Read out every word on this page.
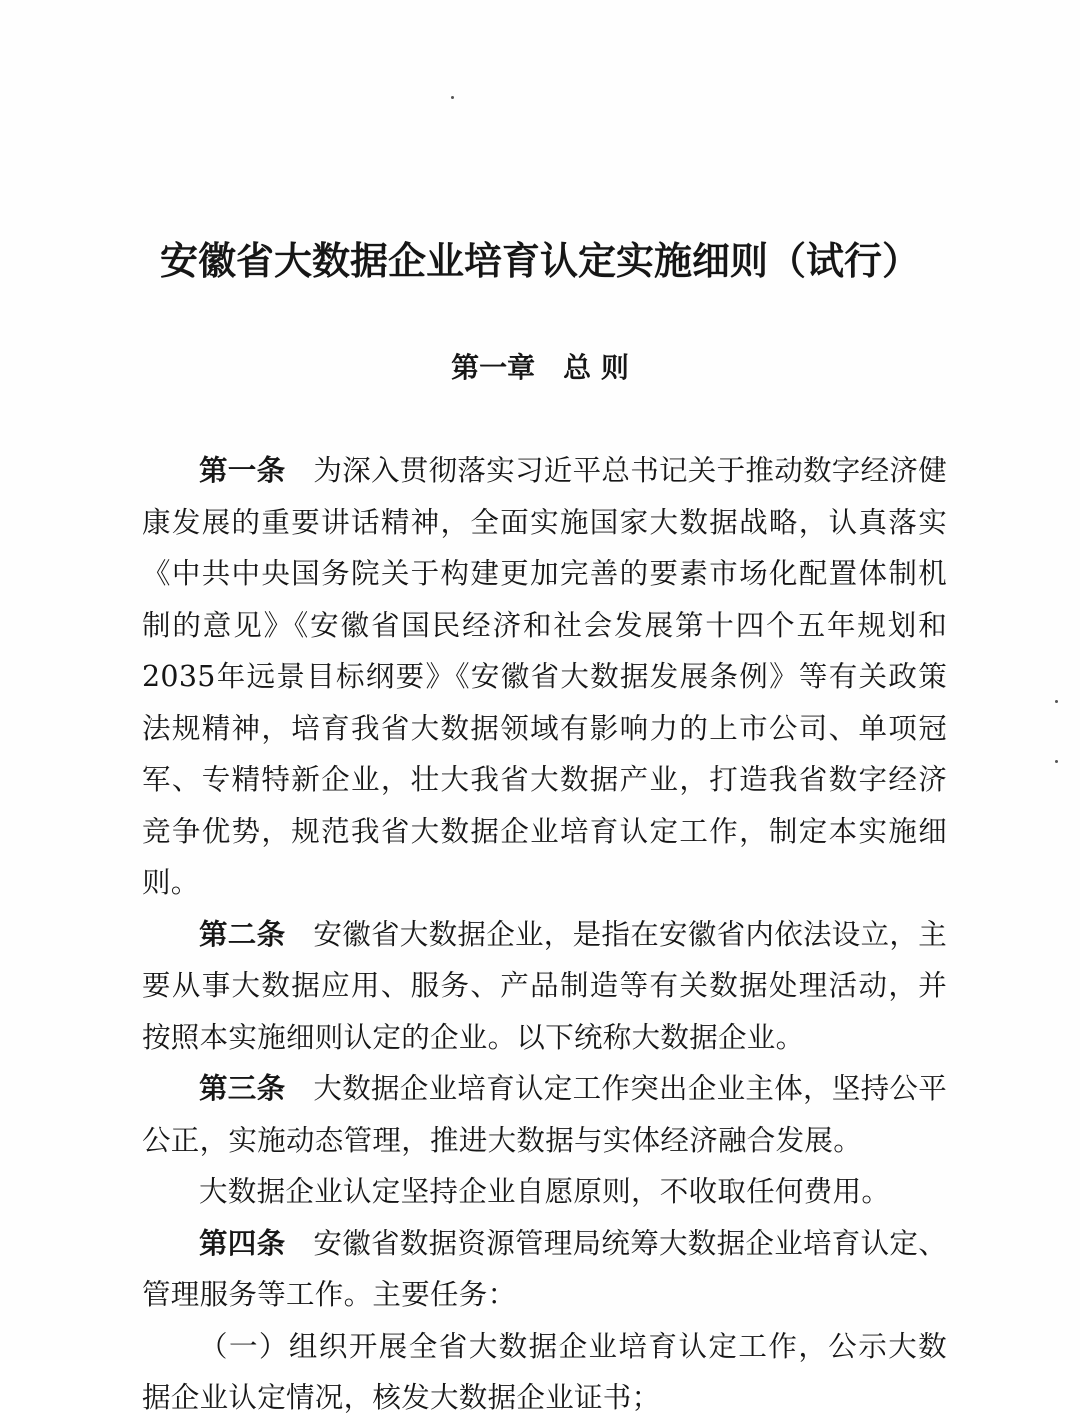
安徽省大数据企业培育认定实施细则（试行）
第一章　总 则

第一条 为深入贯彻落实习近平总书记关于推动数字经济健康发展的重要讲话精神，全面实施国家大数据战略，认真落实《中共中央国务院关于构建更加完善的要素市场化配置体制机制的意见》《安徽省国民经济和社会发展第十四个五年规划和2035年远景目标纲要》《安徽省大数据发展条例》等有关政策法规精神，培育我省大数据领域有影响力的上市公司、单项冠军、专精特新企业，壮大我省大数据产业，打造我省数字经济竞争优势，规范我省大数据企业培育认定工作，制定本实施细则。

第二条 安徽省大数据企业，是指在安徽省内依法设立，主要从事大数据应用、服务、产品制造等有关数据处理活动，并按照本实施细则认定的企业。以下统称大数据企业。

第三条 大数据企业培育认定工作突出企业主体，坚持公平公正，实施动态管理，推进大数据与实体经济融合发展。

大数据企业认定坚持企业自愿原则，不收取任何费用。

第四条 安徽省数据资源管理局统筹大数据企业培育认定、管理服务等工作。主要任务：

（一）组织开展全省大数据企业培育认定工作，公示大数据企业认定情况，核发大数据企业证书；
